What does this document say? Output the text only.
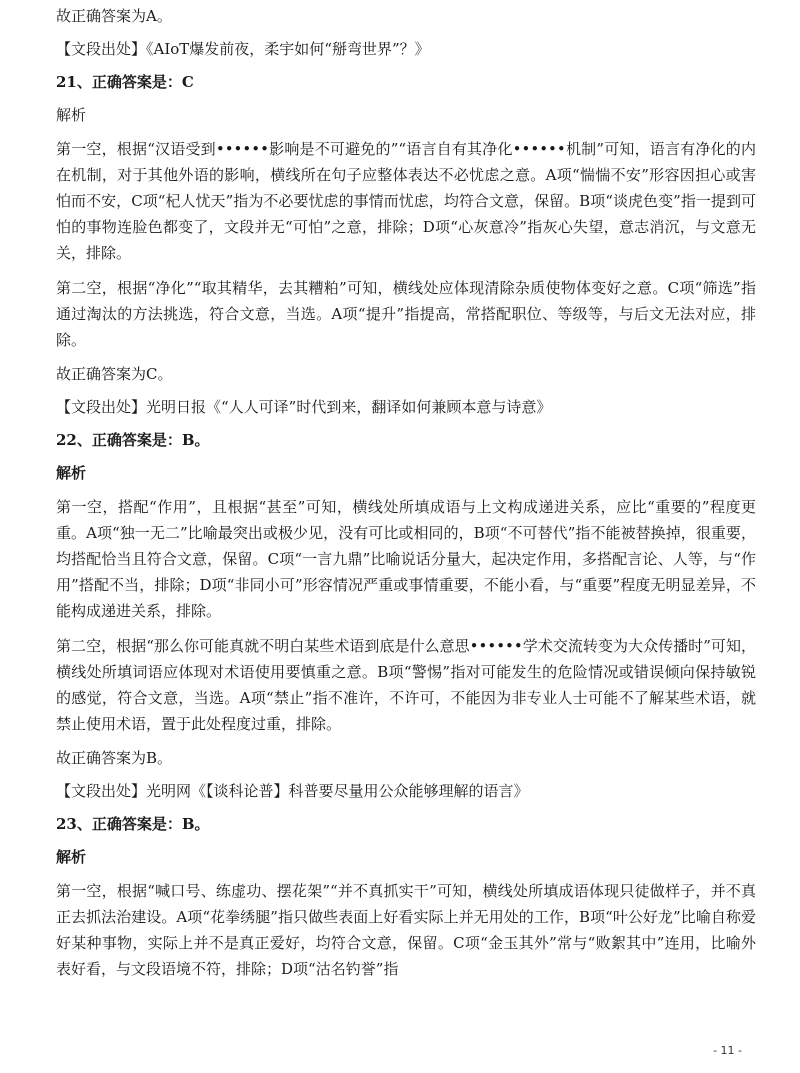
故正确答案为A。
【文段出处】《AIoT爆发前夜，柔宇如何“掰弯世界”？》
21、正确答案是：C
解析
第一空，根据“汉语受到••••••影响是不可避免的”“语言自有其净化••••••机制”可知，语言有净化的内在机制，对于其他外语的影响，横线所在句子应整体表达不必忧虑之意。A项“惴惴不安”形容因担心或害怕而不安，C项“杞人忧天”指为不必要忧虑的事情而忧虑，均符合文意，保留。B项“谈虎色变”指一提到可怕的事物连脸色都变了，文段并无“可怕”之意，排除；D项“心灰意冷”指灰心失望，意志消沉，与文意无关，排除。
第二空，根据“净化”“取其精华，去其糟粕”可知，横线处应体现清除杂质使物体变好之意。C项“筛选”指通过淘汰的方法挑选，符合文意，当选。A项“提升”指提高，常搭配职位、等级等，与后文无法对应，排除。
故正确答案为C。
【文段出处】光明日报《“人人可译”时代到来，翻译如何兼顾本意与诗意》
22、正确答案是：B。
解析
第一空，搭配“作用”，且根据“甚至”可知，横线处所填成语与上文构成递进关系，应比“重要的”程度更重。A项“独一无二”比喻最突出或极少见，没有可比或相同的，B项“不可替代”指不能被替换掉，很重要，均搭配恰当且符合文意，保留。C项“一言九鼎”比喻说话分量大，起决定作用，多搭配言论、人等，与“作用”搭配不当，排除；D项“非同小可”形容情况严重或事情重要，不能小看，与“重要”程度无明显差异，不能构成递进关系，排除。
第二空，根据“那么你可能真就不明白某些术语到底是什么意思••••••学术交流转变为大众传播时”可知，横线处所填词语应体现对术语使用要慎重之意。B项“警惕”指对可能发生的危险情况或错误倾向保持敏锐的感觉，符合文意，当选。A项“禁止”指不准许，不许可，不能因为非专业人士可能不了解某些术语，就禁止使用术语，置于此处程度过重，排除。
故正确答案为B。
【文段出处】光明网《【谈科论普】科普要尽量用公众能够理解的语言》
23、正确答案是：B。
解析
第一空，根据“喊口号、练虚功、摆花架”“并不真抓实干”可知，横线处所填成语体现只徒做样子，并不真正去抓法治建设。A项“花拳绣腿”指只做些表面上好看实际上并无用处的工作，B项“叶公好龙”比喻自称爱好某种事物，实际上并不是真正爱好，均符合文意，保留。C项“金玉其外”常与“败絮其中”连用，比喻外表好看，与文段语境不符，排除；D项“沽名钓誉”指
- 11 -
